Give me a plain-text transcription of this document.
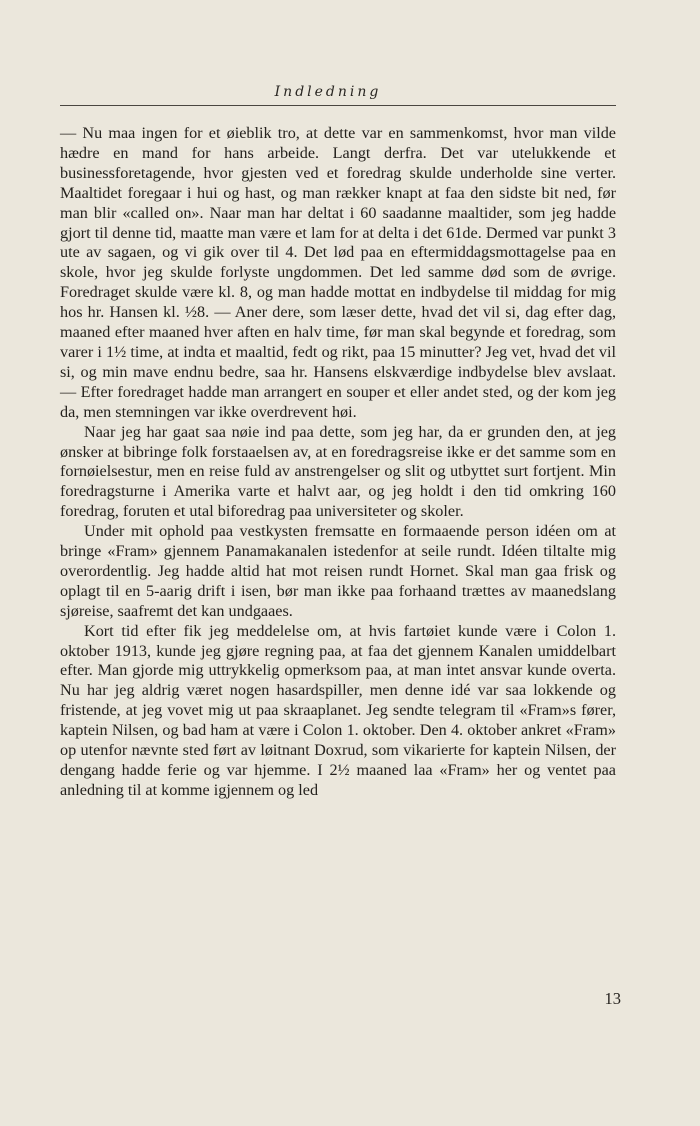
Indledning

— Nu maa ingen for et øieblik tro, at dette var en sammenkomst, hvor man vilde hædre en mand for hans arbeide. Langt derfra. Det var utelukkende et businessforetagende, hvor gjesten ved et foredrag skulde underholde sine verter. Maaltidet foregaar i hui og hast, og man rækker knapt at faa den sidste bit ned, før man blir «called on». Naar man har deltat i 60 saadanne maaltider, som jeg hadde gjort til denne tid, maatte man være et lam for at delta i det 61de. Dermed var punkt 3 ute av sagaen, og vi gik over til 4. Det lød paa en eftermiddagsmottagelse paa en skole, hvor jeg skulde forlyste ungdommen. Det led samme død som de øvrige. Foredraget skulde være kl. 8, og man hadde mottat en indbydelse til middag for mig hos hr. Hansen kl. ½8. — Aner dere, som læser dette, hvad det vil si, dag efter dag, maaned efter maaned hver aften en halv time, før man skal begynde et foredrag, som varer i 1½ time, at indta et maaltid, fedt og rikt, paa 15 minutter? Jeg vet, hvad det vil si, og min mave endnu bedre, saa hr. Hansens elskværdige indbydelse blev avslaat. — Efter foredraget hadde man arrangert en souper et eller andet sted, og der kom jeg da, men stemningen var ikke overdrevent høi.

Naar jeg har gaat saa nøie ind paa dette, som jeg har, da er grunden den, at jeg ønsker at bibringe folk forstaaelsen av, at en foredragsreise ikke er det samme som en fornøielsestur, men en reise fuld av anstrengelser og slit og utbyttet surt fortjent. Min foredragsturne i Amerika varte et halvt aar, og jeg holdt i den tid omkring 160 foredrag, foruten et utal biforedrag paa universiteter og skoler.

Under mit ophold paa vestkysten fremsatte en formaaende person idéen om at bringe «Fram» gjennem Panamakanalen istedenfor at seile rundt. Idéen tiltalte mig overordentlig. Jeg hadde altid hat mot reisen rundt Hornet. Skal man gaa frisk og oplagt til en 5-aarig drift i isen, bør man ikke paa forhaand trættes av maanedslang sjøreise, saafremt det kan undgaaes.

Kort tid efter fik jeg meddelelse om, at hvis fartøiet kunde være i Colon 1. oktober 1913, kunde jeg gjøre regning paa, at faa det gjennem Kanalen umiddelbart efter. Man gjorde mig uttrykkelig opmerksom paa, at man intet ansvar kunde overta. Nu har jeg aldrig været nogen hasardspiller, men denne idé var saa lokkende og fristende, at jeg vovet mig ut paa skraaplanet. Jeg sendte telegram til «Fram»s fører, kaptein Nilsen, og bad ham at være i Colon 1. oktober. Den 4. oktober ankret «Fram» op utenfor nævnte sted ført av løitnant Doxrud, som vikarierte for kaptein Nilsen, der dengang hadde ferie og var hjemme. I 2½ maaned laa «Fram» her og ventet paa anledning til at komme igjennem og led

13
